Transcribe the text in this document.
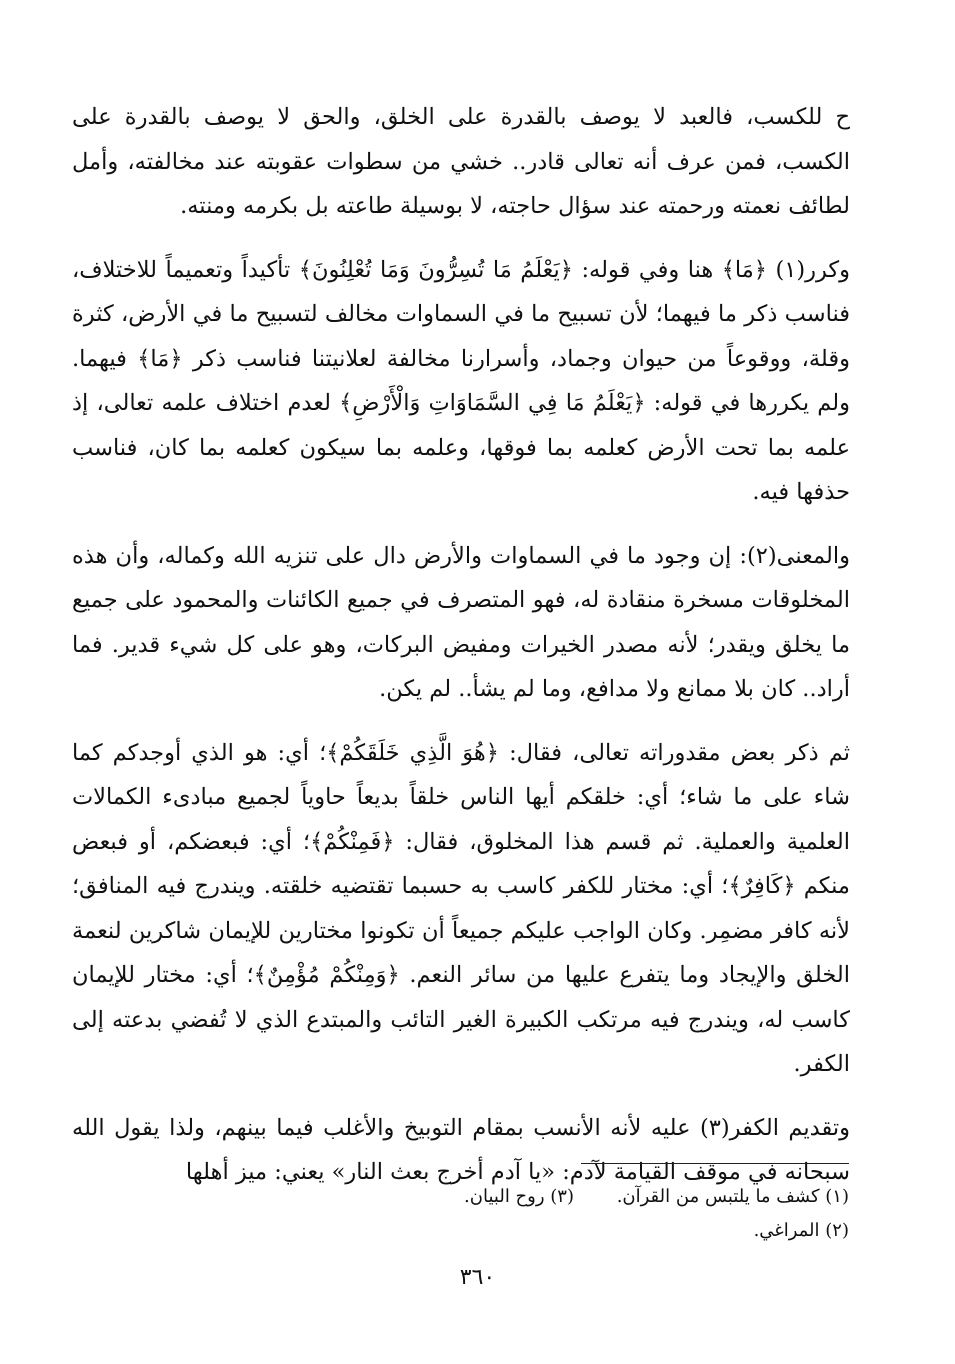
ح للكسب، فالعبد لا يوصف بالقدرة على الخلق، والحق لا يوصف بالقدرة على الكسب، فمن عرف أنه تعالى قادر.. خشي من سطوات عقوبته عند مخالفته، وأمل لطائف نعمته ورحمته عند سؤال حاجته، لا بوسيلة طاعته بل بكرمه ومنته.

وكرر(١) ﴿مَا﴾ هنا وفي قوله: ﴿يَعْلَمُ مَا تُسِرُّونَ وَمَا تُعْلِنُونَ﴾ تأكيداً وتعميماً للاختلاف، فناسب ذكر ما فيهما؛ لأن تسبيح ما في السماوات مخالف لتسبيح ما في الأرض، كثرة وقلة، ووقوعاً من حيوان وجماد، وأسرارنا مخالفة لعلانيتنا فناسب ذكر ﴿مَا﴾ فيهما. ولم يكررها في قوله: ﴿يَعْلَمُ مَا فِي السَّمَاوَاتِ وَالْأَرْضِ﴾ لعدم اختلاف علمه تعالى، إذ علمه بما تحت الأرض كعلمه بما فوقها، وعلمه بما سيكون كعلمه بما كان، فناسب حذفها فيه.

والمعنى(٢): إن وجود ما في السماوات والأرض دال على تنزيه الله وكماله، وأن هذه المخلوقات مسخرة منقادة له، فهو المتصرف في جميع الكائنات والمحمود على جميع ما يخلق ويقدر؛ لأنه مصدر الخيرات ومفيض البركات، وهو على كل شيء قدير. فما أراد.. كان بلا ممانع ولا مدافع، وما لم يشأ.. لم يكن.

ثم ذكر بعض مقدوراته تعالى، فقال: ﴿هُوَ الَّذِي خَلَقَكُمْ﴾؛ أي: هو الذي أوجدكم كما شاء على ما شاء؛ أي: خلقكم أيها الناس خلقاً بديعاً حاوياً لجميع مبادىء الكمالات العلمية والعملية. ثم قسم هذا المخلوق، فقال: ﴿فَمِنْكُمْ﴾؛ أي: فبعضكم، أو فبعض منكم ﴿كَافِرٌ﴾؛ أي: مختار للكفر كاسب به حسبما تقتضيه خلقته. ويندرج فيه المنافق؛ لأنه كافر مضمِر. وكان الواجب عليكم جميعاً أن تكونوا مختارين للإيمان شاكرين لنعمة الخلق والإيجاد وما يتفرع عليها من سائر النعم. ﴿وَمِنْكُمْ مُؤْمِنٌ﴾؛ أي: مختار للإيمان كاسب له، ويندرج فيه مرتكب الكبيرة الغير التائب والمبتدع الذي لا تُفضي بدعته إلى الكفر.

وتقديم الكفر(٣) عليه لأنه الأنسب بمقام التوبيخ والأغلب فيما بينهم، ولذا يقول الله سبحانه في موقف القيامة لآدم: «يا آدم أخرج بعث النار» يعني: ميز أهلها

(١) كشف ما يلتبس من القرآن.
(٢) المراغي.
(٣) روح البيان.
٣٦٠
